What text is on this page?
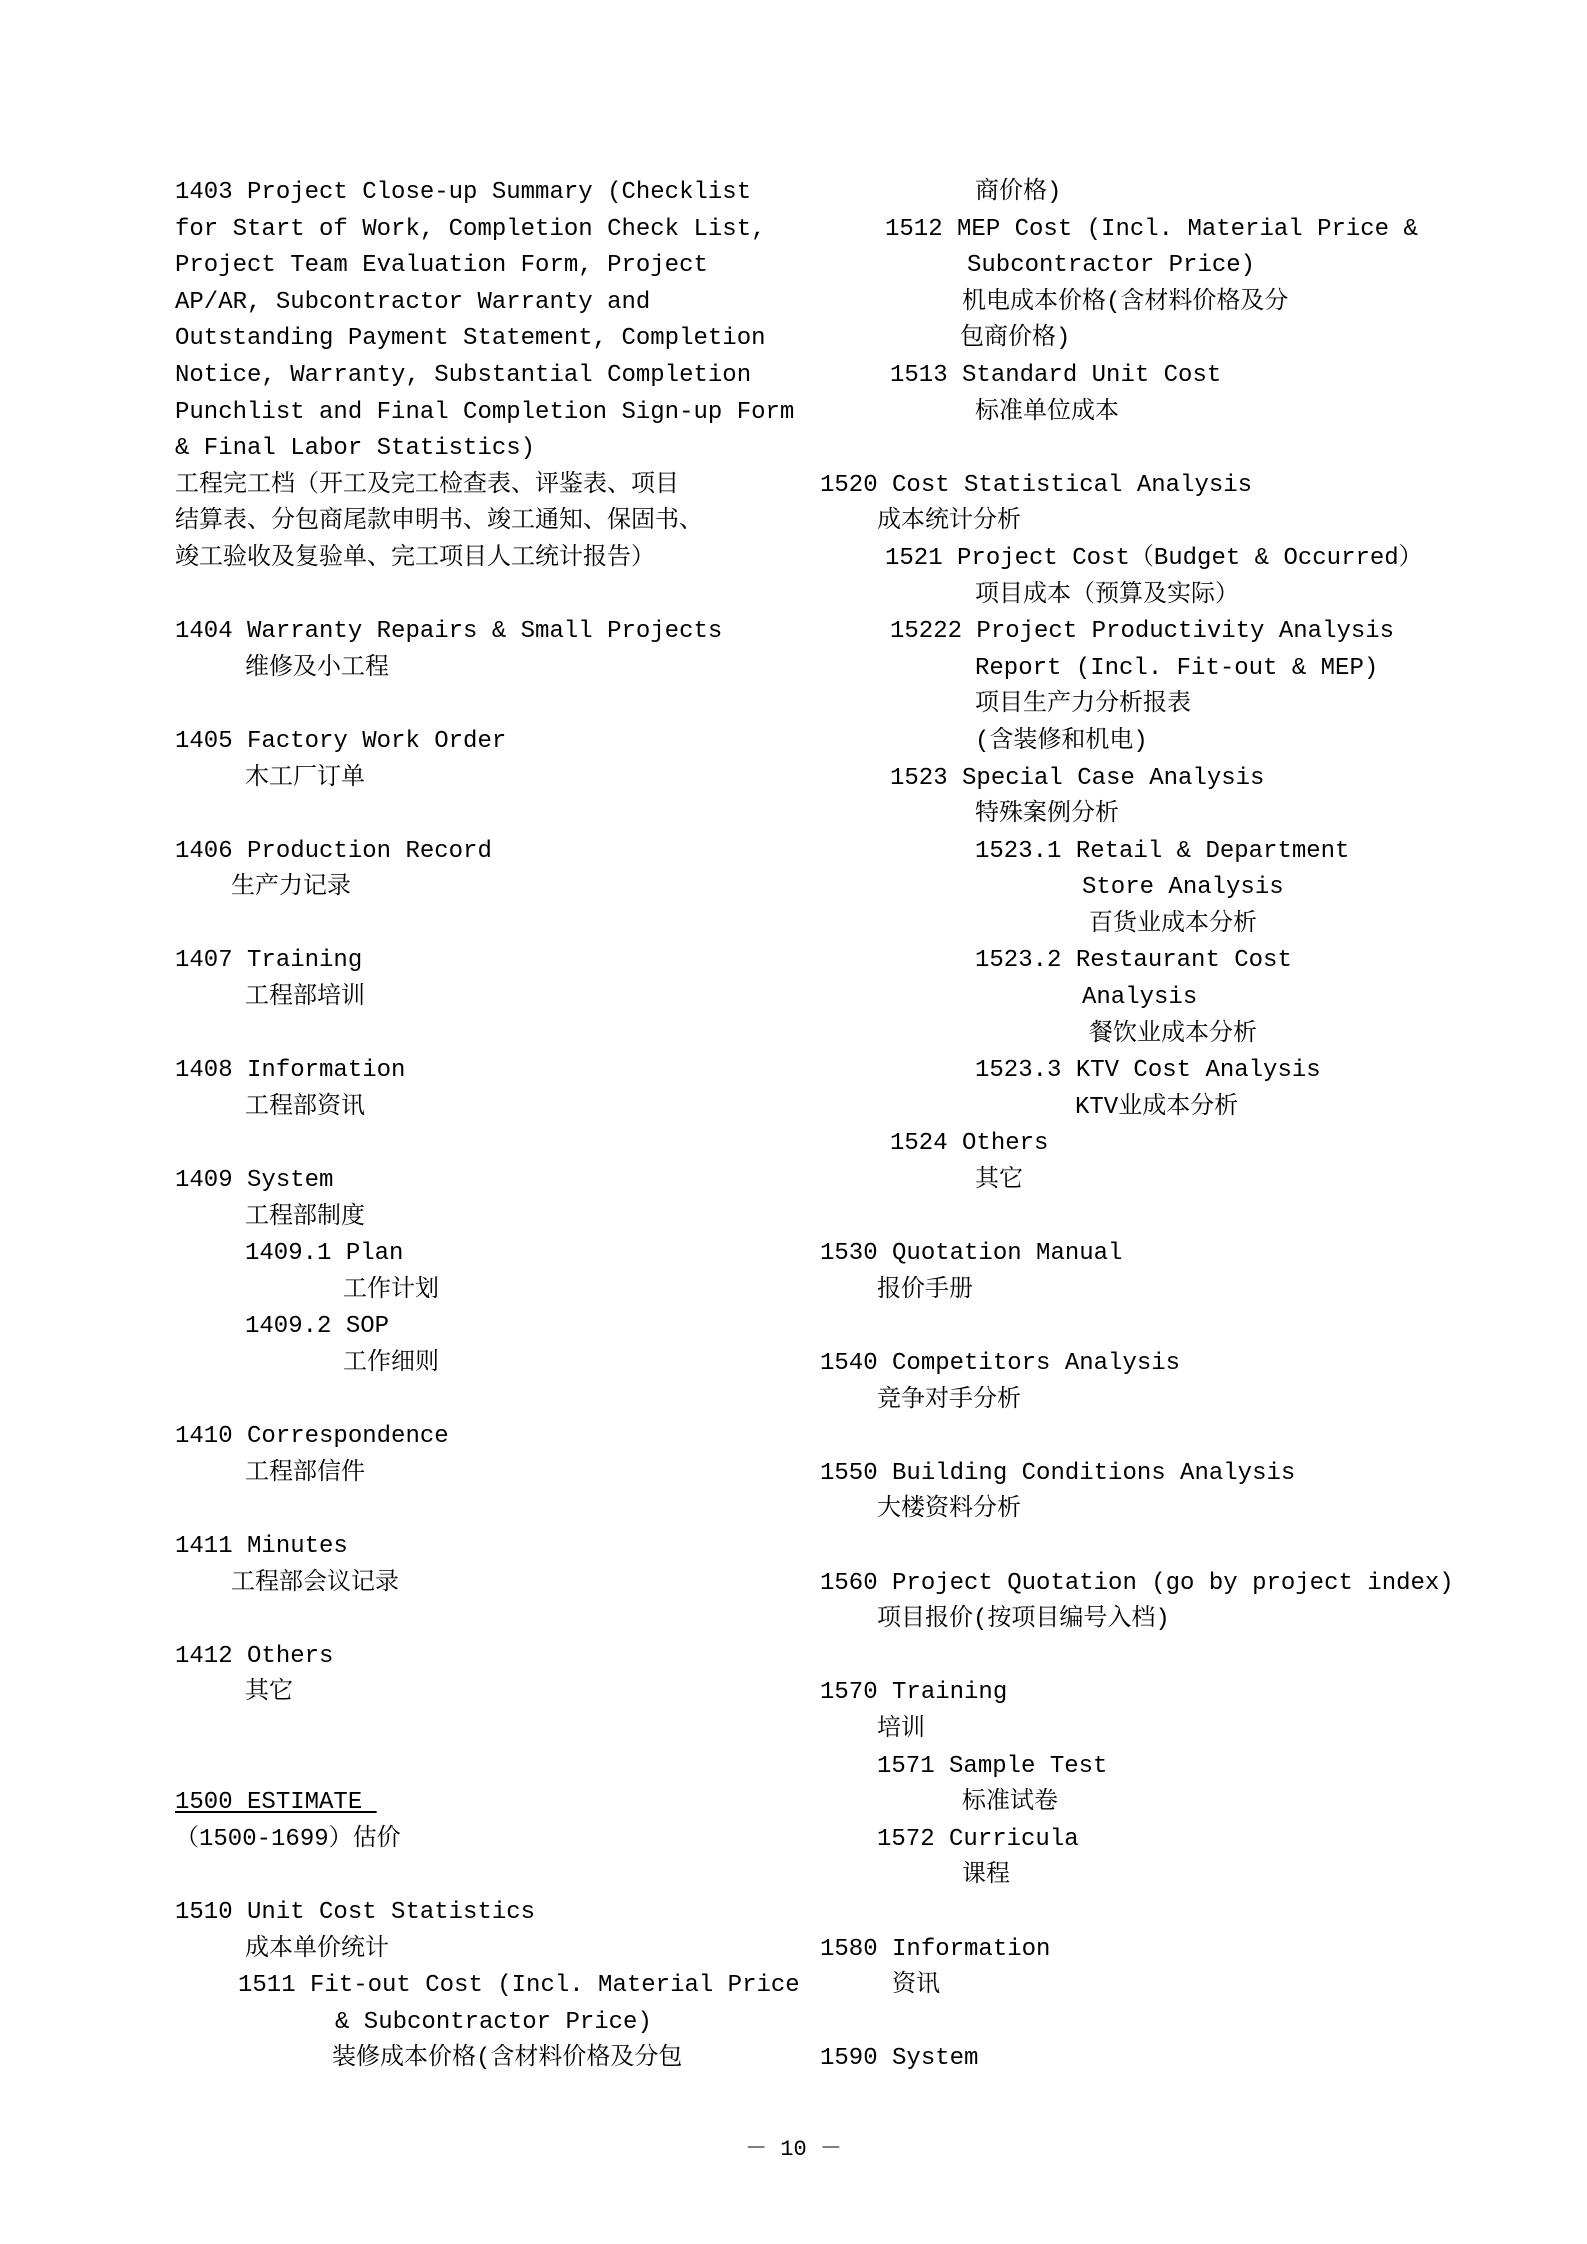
1403 Project Close-up Summary (Checklist
for Start of Work, Completion Check List,
Project Team Evaluation Form, Project
AP/AR, Subcontractor Warranty and
Outstanding Payment Statement, Completion
Notice, Warranty, Substantial Completion
Punchlist and Final Completion Sign-up Form
& Final Labor Statistics)
工程完工档（开工及完工检查表、评鉴表、项目
结算表、分包商尾款申明书、竣工通知、保固书、
竣工验收及复验单、完工项目人工统计报告）
1404 Warranty Repairs & Small Projects
维修及小工程
1405 Factory Work Order
木工厂订单
1406 Production Record
生产力记录
1407 Training
工程部培训
1408 Information
工程部资讯
1409 System
工程部制度
1409.1 Plan
工作计划
1409.2 SOP
工作细则
1410 Correspondence
工程部信件
1411 Minutes
工程部会议记录
1412 Others
其它
1500 ESTIMATE
（1500-1699）估价
1510 Unit Cost Statistics
成本单价统计
1511 Fit-out Cost (Incl. Material Price
& Subcontractor Price)
装修成本价格(含材料价格及分包
商价格)
1512 MEP Cost (Incl. Material Price &
Subcontractor Price)
机电成本价格(含材料价格及分
包商价格)
1513 Standard Unit Cost
标准单位成本
1520 Cost Statistical Analysis
成本统计分析
1521 Project Cost（Budget & Occurred）
项目成本（预算及实际）
15222 Project Productivity Analysis
Report (Incl. Fit-out & MEP)
项目生产力分析报表
(含装修和机电)
1523 Special Case Analysis
特殊案例分析
1523.1 Retail & Department
Store Analysis
百货业成本分析
1523.2 Restaurant Cost
Analysis
餐饮业成本分析
1523.3 KTV Cost Analysis
KTV业成本分析
1524 Others
其它
1530 Quotation Manual
报价手册
1540 Competitors Analysis
竞争对手分析
1550 Building Conditions Analysis
大楼资料分析
1560 Project Quotation (go by project index)
项目报价(按项目编号入档)
1570 Training
培训
1571 Sample Test
标准试卷
1572 Curricula
课程
1580 Information
资讯
1590 System
－ 10 －
